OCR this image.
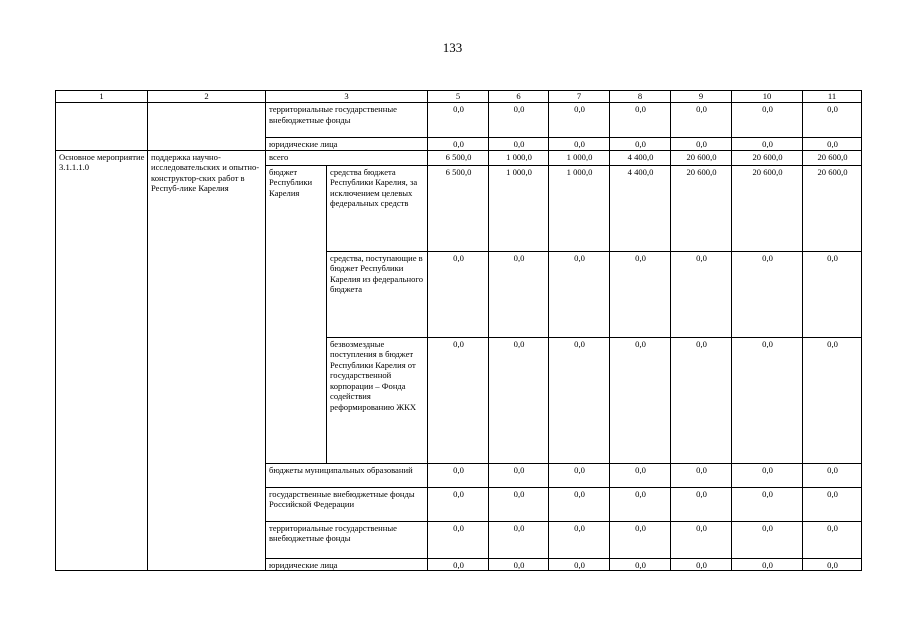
133
1	2	3		5	6	7	8	9	10	11
		территориальные государственные внебюджетные фонды		0,0	0,0	0,0	0,0	0,0	0,0	0,0
		юридические лица		0,0	0,0	0,0	0,0	0,0	0,0	0,0
Основное мероприятие 3.1.1.1.0	поддержка научно-исследовательских и опытно-конструктор-ских работ в Респуб-лике Карелия	всего		6 500,0	1 000,0	1 000,0	4 400,0	20 600,0	20 600,0	20 600,0
		бюджет Республики Карелия	средства бюджета Республики Карелия, за исключением целевых федеральных средств	6 500,0	1 000,0	1 000,0	4 400,0	20 600,0	20 600,0	20 600,0
			средства, поступающие в бюджет Республики Карелия из федерального бюджета	0,0	0,0	0,0	0,0	0,0	0,0	0,0
			безвозмездные поступления в бюджет Республики Карелия от государственной корпорации – Фонда содействия реформированию ЖКХ	0,0	0,0	0,0	0,0	0,0	0,0	0,0
		бюджеты муниципальных образований		0,0	0,0	0,0	0,0	0,0	0,0	0,0
		государственные внебюджетные фонды Российской Федерации		0,0	0,0	0,0	0,0	0,0	0,0	0,0
		территориальные государственные внебюджетные фонды		0,0	0,0	0,0	0,0	0,0	0,0	0,0
		юридические лица		0,0	0,0	0,0	0,0	0,0	0,0	0,0
